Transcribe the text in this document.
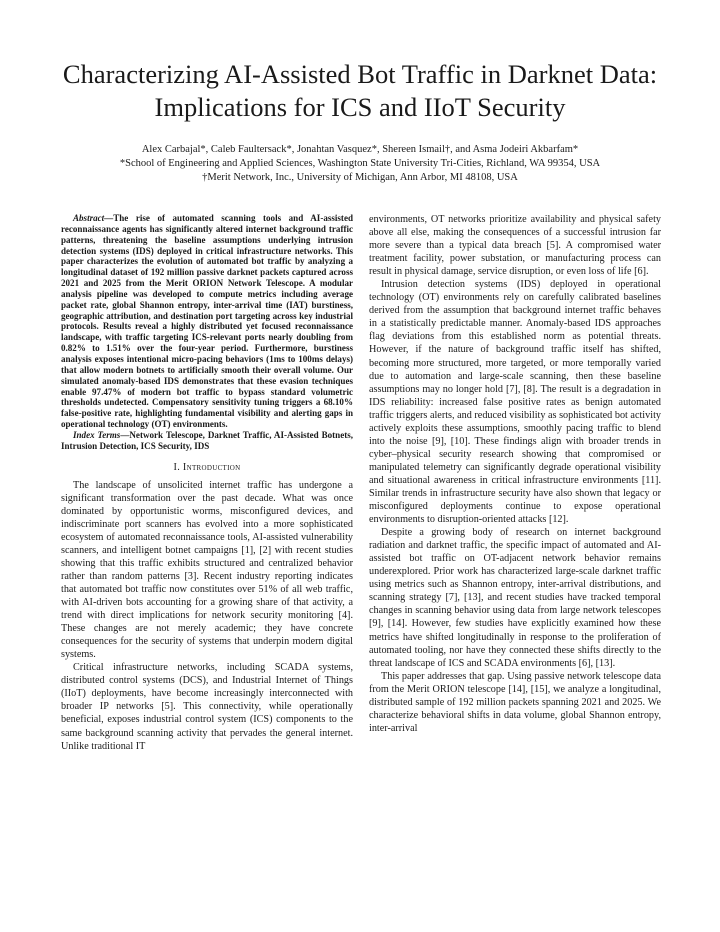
Characterizing AI-Assisted Bot Traffic in Darknet Data: Implications for ICS and IIoT Security
Alex Carbajal*, Caleb Faultersack*, Jonahtan Vasquez*, Shereen Ismail†, and Asma Jodeiri Akbarfam*
*School of Engineering and Applied Sciences, Washington State University Tri-Cities, Richland, WA 99354, USA
†Merit Network, Inc., University of Michigan, Ann Arbor, MI 48108, USA

Abstract—The rise of automated scanning tools and AI-assisted reconnaissance agents has significantly altered internet background traffic patterns, threatening the baseline assumptions underlying intrusion detection systems (IDS) deployed in critical infrastructure networks. This paper characterizes the evolution of automated bot traffic by analyzing a longitudinal dataset of 192 million passive darknet packets captured across 2021 and 2025 from the Merit ORION Network Telescope. A modular analysis pipeline was developed to compute metrics including average packet rate, global Shannon entropy, inter-arrival time (IAT) burstiness, geographic attribution, and destination port targeting across key industrial protocols. Results reveal a highly distributed yet focused reconnaissance landscape, with traffic targeting ICS-relevant ports nearly doubling from 0.82% to 1.51% over the four-year period. Furthermore, burstiness analysis exposes intentional micro-pacing behaviors (1ms to 100ms delays) that allow modern botnets to artificially smooth their overall volume. Our simulated anomaly-based IDS demonstrates that these evasion techniques enable 97.47% of modern bot traffic to bypass standard volumetric thresholds undetected. Compensatory sensitivity tuning triggers a 68.10% false-positive rate, highlighting fundamental visibility and alerting gaps in operational technology (OT) environments.

Index Terms—Network Telescope, Darknet Traffic, AI-Assisted Botnets, Intrusion Detection, ICS Security, IDS

I. Introduction

The landscape of unsolicited internet traffic has undergone a significant transformation over the past decade. What was once dominated by opportunistic worms, misconfigured devices, and indiscriminate port scanners has evolved into a more sophisticated ecosystem of automated reconnaissance tools, AI-assisted vulnerability scanners, and intelligent botnet campaigns [1], [2] with recent studies showing that this traffic exhibits structured and centralized behavior rather than random patterns [3]. Recent industry reporting indicates that automated bot traffic now constitutes over 51% of all web traffic, with AI-driven bots accounting for a growing share of that activity, a trend with direct implications for network security monitoring [4]. These changes are not merely academic; they have concrete consequences for the security of systems that underpin modern digital systems.

Critical infrastructure networks, including SCADA systems, distributed control systems (DCS), and Industrial Internet of Things (IIoT) deployments, have become increasingly interconnected with broader IP networks [5]. This connectivity, while operationally beneficial, exposes industrial control system (ICS) components to the same background scanning activity that pervades the general internet. Unlike traditional IT

environments, OT networks prioritize availability and physical safety above all else, making the consequences of a successful intrusion far more severe than a typical data breach [5]. A compromised water treatment facility, power substation, or manufacturing process can result in physical damage, service disruption, or even loss of life [6].

Intrusion detection systems (IDS) deployed in operational technology (OT) environments rely on carefully calibrated baselines derived from the assumption that background internet traffic behaves in a statistically predictable manner. Anomaly-based IDS approaches flag deviations from this established norm as potential threats. However, if the nature of background traffic itself has shifted, becoming more structured, more targeted, or more temporally varied due to automation and large-scale scanning, then these baseline assumptions may no longer hold [7], [8]. The result is a degradation in IDS reliability: increased false positive rates as benign automated traffic triggers alerts, and reduced visibility as sophisticated bot activity actively exploits these assumptions, smoothly pacing traffic to blend into the noise [9], [10]. These findings align with broader trends in cyber–physical security research showing that compromised or manipulated telemetry can significantly degrade operational visibility and situational awareness in critical infrastructure environments [11]. Similar trends in infrastructure security have also shown that legacy or misconfigured deployments continue to expose operational environments to disruption-oriented attacks [12].

Despite a growing body of research on internet background radiation and darknet traffic, the specific impact of automated and AI-assisted bot traffic on OT-adjacent network behavior remains underexplored. Prior work has characterized large-scale darknet traffic using metrics such as Shannon entropy, inter-arrival distributions, and scanning strategy [7], [13], and recent studies have tracked temporal changes in scanning behavior using data from large network telescopes [9], [14]. However, few studies have explicitly examined how these metrics have shifted longitudinally in response to the proliferation of automated tooling, nor have they connected these shifts directly to the threat landscape of ICS and SCADA environments [6], [13].

This paper addresses that gap. Using passive network telescope data from the Merit ORION telescope [14], [15], we analyze a longitudinal, distributed sample of 192 million packets spanning 2021 and 2025. We characterize behavioral shifts in data volume, global Shannon entropy, inter-arrival
